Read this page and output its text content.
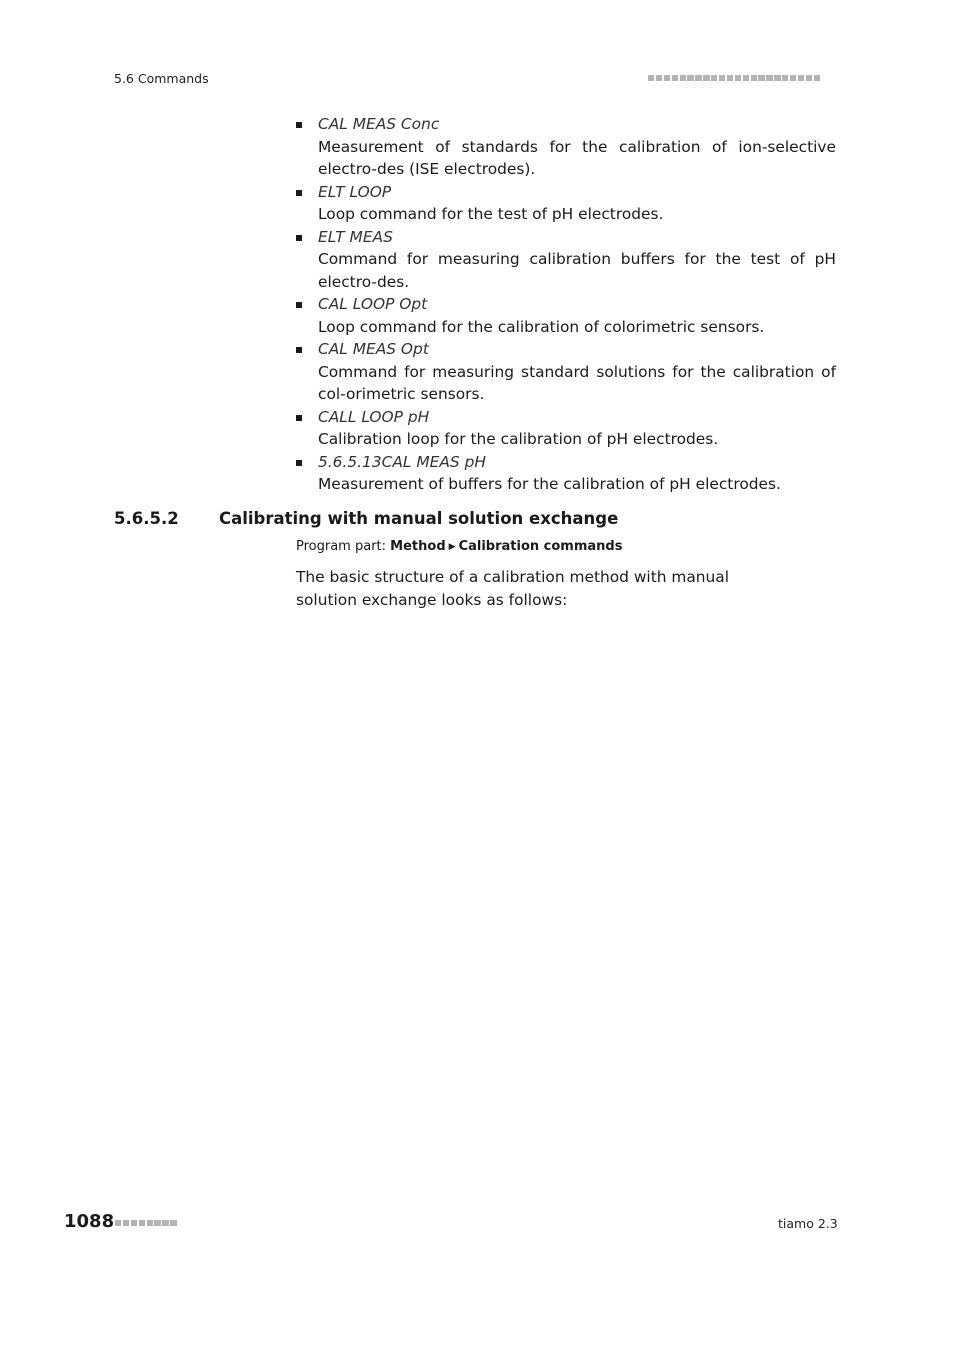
5.6 Commands
CAL MEAS Conc
Measurement of standards for the calibration of ion-selective electro-des (ISE electrodes).
ELT LOOP
Loop command for the test of pH electrodes.
ELT MEAS
Command for measuring calibration buffers for the test of pH electro-des.
CAL LOOP Opt
Loop command for the calibration of colorimetric sensors.
CAL MEAS Opt
Command for measuring standard solutions for the calibration of col-orimetric sensors.
CALL LOOP pH
Calibration loop for the calibration of pH electrodes.
5.6.5.13CAL MEAS pH
Measurement of buffers for the calibration of pH electrodes.
5.6.5.2 Calibrating with manual solution exchange
Program part: Method ▶ Calibration commands
The basic structure of a calibration method with manual solution exchange looks as follows:
1088	tiamo 2.3
